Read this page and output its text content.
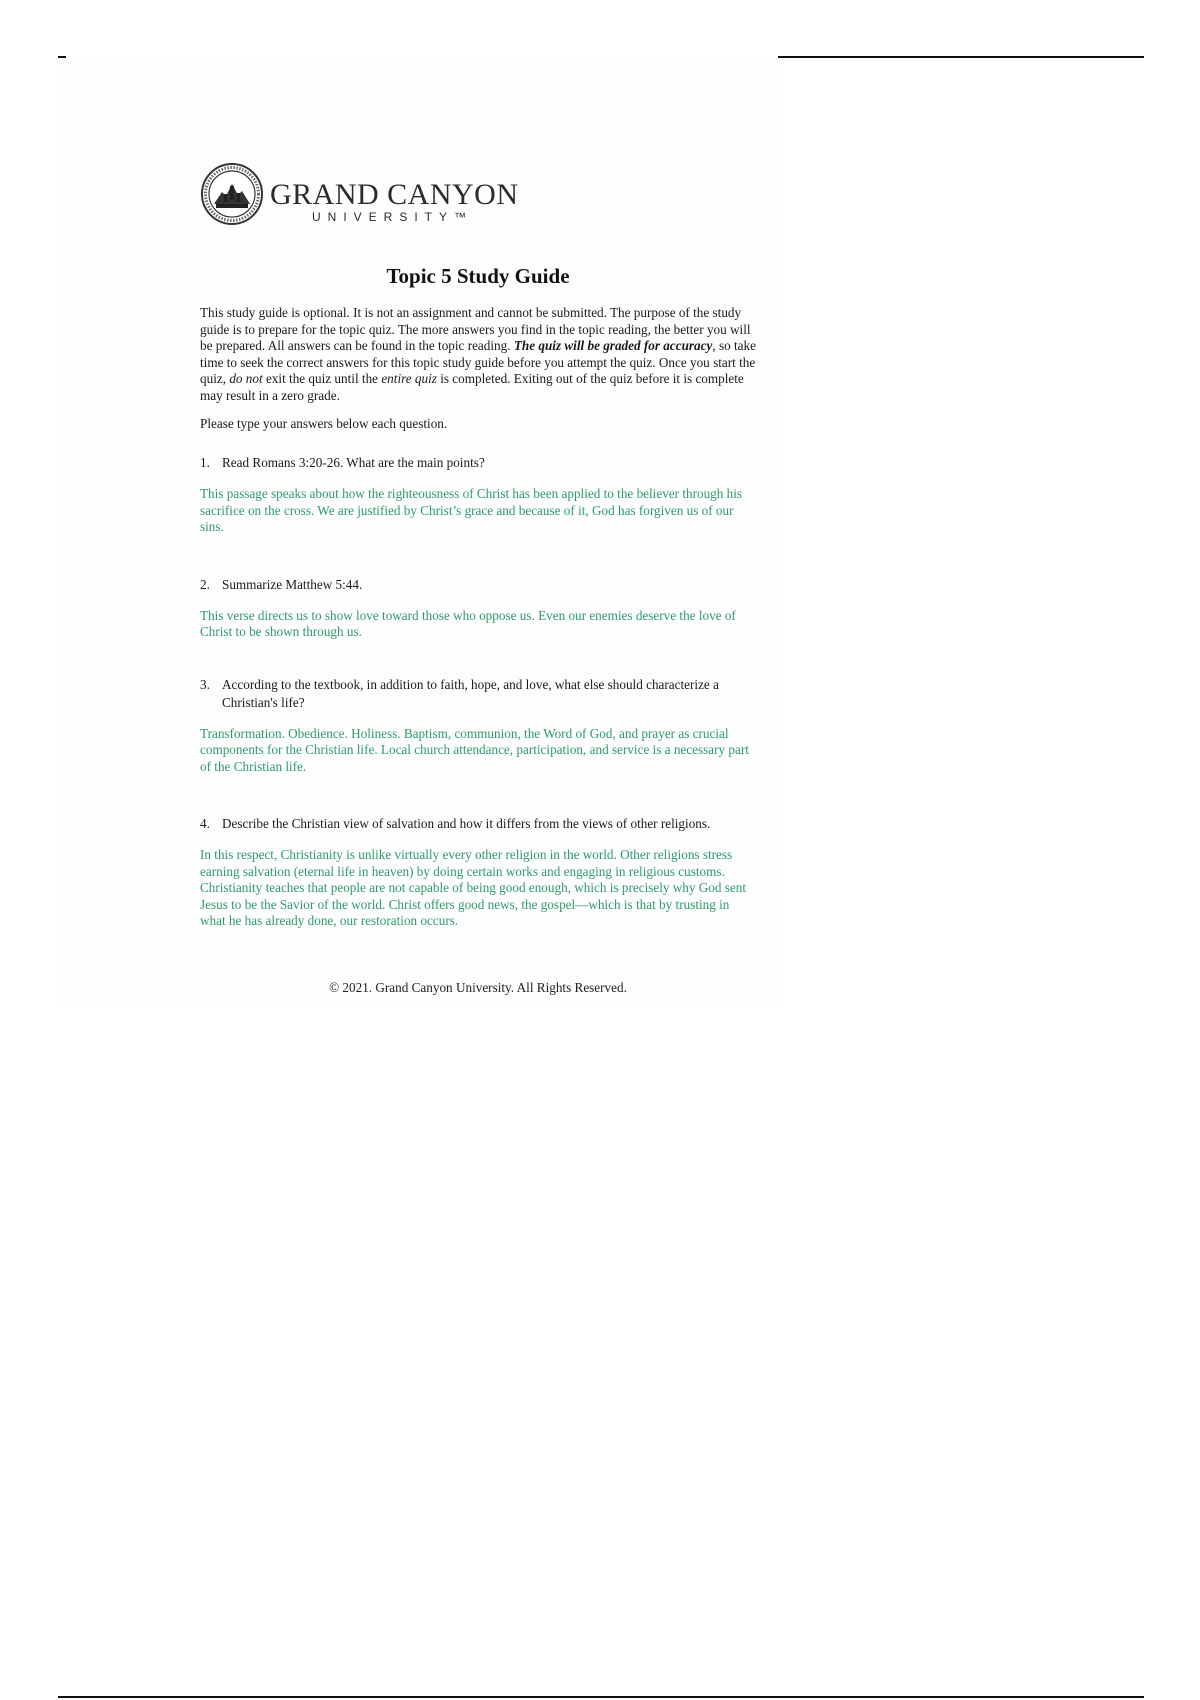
GRAND CANYON
UNIVERSITY™
Topic 5 Study Guide

This study guide is optional. It is not an assignment and cannot be submitted. The purpose of the study guide is to prepare for the topic quiz. The more answers you find in the topic reading, the better you will be prepared. All answers can be found in the topic reading. The quiz will be graded for accuracy, so take time to seek the correct answers for this topic study guide before you attempt the quiz. Once you start the quiz, do not exit the quiz until the entire quiz is completed. Exiting out of the quiz before it is complete may result in a zero grade.

Please type your answers below each question.

1. Read Romans 3:20-26. What are the main points?

This passage speaks about how the righteousness of Christ has been applied to the believer through his sacrifice on the cross. We are justified by Christ’s grace and because of it, God has forgiven us of our sins.

2. Summarize Matthew 5:44.

This verse directs us to show love toward those who oppose us. Even our enemies deserve the love of Christ to be shown through us.

3. According to the textbook, in addition to faith, hope, and love, what else should characterize a Christian's life?

Transformation. Obedience. Holiness. Baptism, communion, the Word of God, and prayer as crucial components for the Christian life. Local church attendance, participation, and service is a necessary part of the Christian life.

4. Describe the Christian view of salvation and how it differs from the views of other religions.

In this respect, Christianity is unlike virtually every other religion in the world. Other religions stress earning salvation (eternal life in heaven) by doing certain works and engaging in religious customs. Christianity teaches that people are not capable of being good enough, which is precisely why God sent Jesus to be the Savior of the world. Christ offers good news, the gospel—which is that by trusting in what he has already done, our restoration occurs.

© 2021. Grand Canyon University. All Rights Reserved.
